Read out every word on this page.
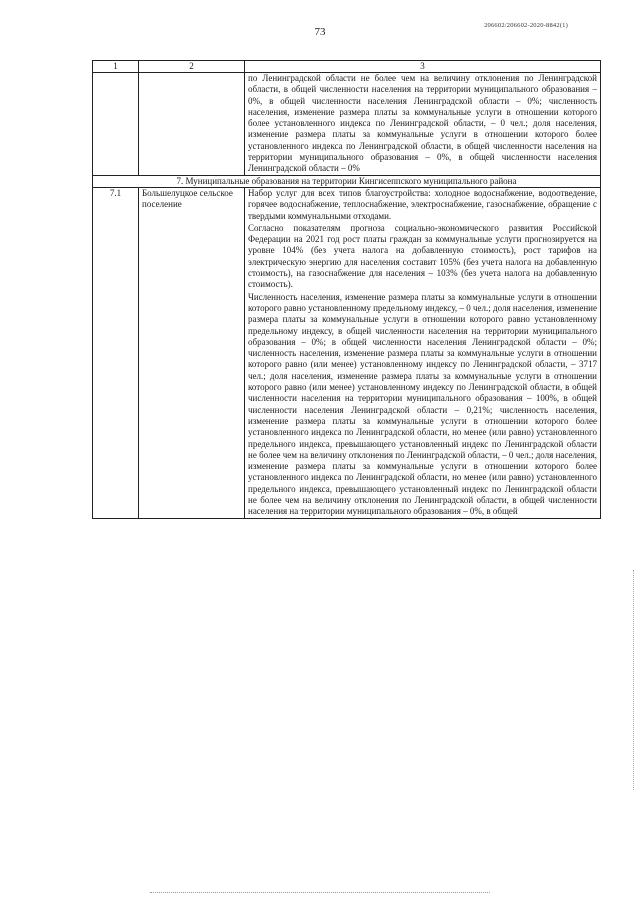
206602/206602-2020-8842(1)
73
1	2	3
		по Ленинградской области не более чем на величину отклонения по Ленинградской области, в общей численности населения на территории муниципального образования – 0%, в общей численности населения Ленинградской области – 0%; численность населения, изменение размера платы за коммунальные услуги в отношении которого более установленного индекса по Ленинградской области, – 0 чел.; доля населения, изменение размера платы за коммунальные услуги в отношении которого более установленного индекса по Ленинградской области, в общей численности населения на территории муниципального образования – 0%, в общей численности населения Ленинградской области – 0%
7. Муниципальные образования на территории Кингисеппского муниципального района		
7.1	Большелуцкое сельское поселение	Набор услуг для всех типов благоустройства: холодное водоснабжение, водоотведение, горячее водоснабжение, теплоснабжение, электроснабжение, газоснабжение, обращение с твердыми коммунальными отходами.

Согласно показателям прогноза социально-экономического развития Российской Федерации на 2021 год рост платы граждан за коммунальные услуги прогнозируется на уровне 104% (без учета налога на добавленную стоимость), рост тарифов на электрическую энергию для населения составит 105% (без учета налога на добавленную стоимость), на газоснабжение для населения – 103% (без учета налога на добавленную стоимость).

Численность населения, изменение размера платы за коммунальные услуги в отношении которого равно установленному предельному индексу, – 0 чел.; доля населения, изменение размера платы за коммунальные услуги в отношении которого равно установленному предельному индексу, в общей численности населения на территории муниципального образования – 0%; в общей численности населения Ленинградской области – 0%; численность населения, изменение размера платы за коммунальные услуги в отношении которого равно (или менее) установленному индексу по Ленинградской области, – 3717 чел.; доля населения, изменение размера платы за коммунальные услуги в отношении которого равно (или менее) установленному индексу по Ленинградской области, в общей численности населения на территории муниципального образования – 100%, в общей численности населения Ленинградской области – 0,21%; численность населения, изменение размера платы за коммунальные услуги в отношении которого более установленного индекса по Ленинградской области, но менее (или равно) установленного предельного индекса, превышающего установленный индекс по Ленинградской области не более чем на величину отклонения по Ленинградской области, – 0 чел.; доля населения, изменение размера платы за коммунальные услуги в отношении которого более установленного индекса по Ленинградской области, но менее (или равно) установленного предельного индекса, превышающего установленный индекс по Ленинградской области не более чем на величину отклонения по Ленинградской области, в общей численности населения на территории муниципального образования – 0%, в общей
